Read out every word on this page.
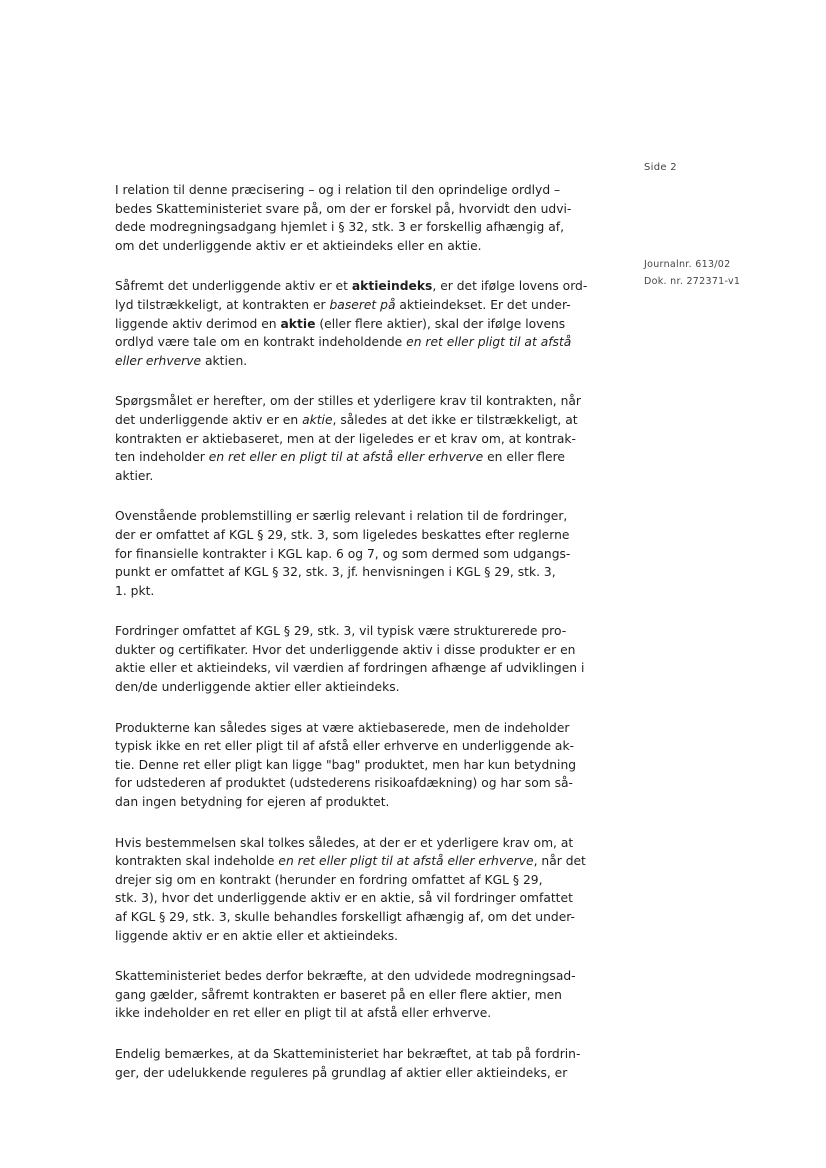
Side 2
Journalnr. 613/02
Dok. nr. 272371-v1
I relation til denne præcisering – og i relation til den oprindelige ordlyd –
bedes Skatteministeriet svare på, om der er forskel på, hvorvidt den udvi-
dede modregningsadgang hjemlet i § 32, stk. 3 er forskellig afhængig af,
om det underliggende aktiv er et aktieindeks eller en aktie.
Såfremt det underliggende aktiv er et aktieindeks, er det ifølge lovens ord-
lyd tilstrækkeligt, at kontrakten er baseret på aktieindekset. Er det under-
liggende aktiv derimod en aktie (eller flere aktier), skal der ifølge lovens
ordlyd være tale om en kontrakt indeholdende en ret eller pligt til at afstå
eller erhverve aktien.
Spørgsmålet er herefter, om der stilles et yderligere krav til kontrakten, når
det underliggende aktiv er en aktie, således at det ikke er tilstrækkeligt, at
kontrakten er aktiebaseret, men at der ligeledes er et krav om, at kontrak-
ten indeholder en ret eller en pligt til at afstå eller erhverve en eller flere
aktier.
Ovenstående problemstilling er særlig relevant i relation til de fordringer,
der er omfattet af KGL § 29, stk. 3, som ligeledes beskattes efter reglerne
for finansielle kontrakter i KGL kap. 6 og 7, og som dermed som udgangs-
punkt er omfattet af KGL § 32, stk. 3, jf. henvisningen i KGL § 29, stk. 3,
1. pkt.
Fordringer omfattet af KGL § 29, stk. 3, vil typisk være strukturerede pro-
dukter og certifikater. Hvor det underliggende aktiv i disse produkter er en
aktie eller et aktieindeks, vil værdien af fordringen afhænge af udviklingen i
den/de underliggende aktier eller aktieindeks.
Produkterne kan således siges at være aktiebaserede, men de indeholder
typisk ikke en ret eller pligt til af afstå eller erhverve en underliggende ak-
tie. Denne ret eller pligt kan ligge "bag" produktet, men har kun betydning
for udstederen af produktet (udstederens risikoafdækning) og har som så-
dan ingen betydning for ejeren af produktet.
Hvis bestemmelsen skal tolkes således, at der er et yderligere krav om, at
kontrakten skal indeholde en ret eller pligt til at afstå eller erhverve, når det
drejer sig om en kontrakt (herunder en fordring omfattet af KGL § 29,
stk. 3), hvor det underliggende aktiv er en aktie, så vil fordringer omfattet
af KGL § 29, stk. 3, skulle behandles forskelligt afhængig af, om det under-
liggende aktiv er en aktie eller et aktieindeks.
Skatteministeriet bedes derfor bekræfte, at den udvidede modregningsad-
gang gælder, såfremt kontrakten er baseret på en eller flere aktier, men
ikke indeholder en ret eller en pligt til at afstå eller erhverve.
Endelig bemærkes, at da Skatteministeriet har bekræftet, at tab på fordrin-
ger, der udelukkende reguleres på grundlag af aktier eller aktieindeks, er
